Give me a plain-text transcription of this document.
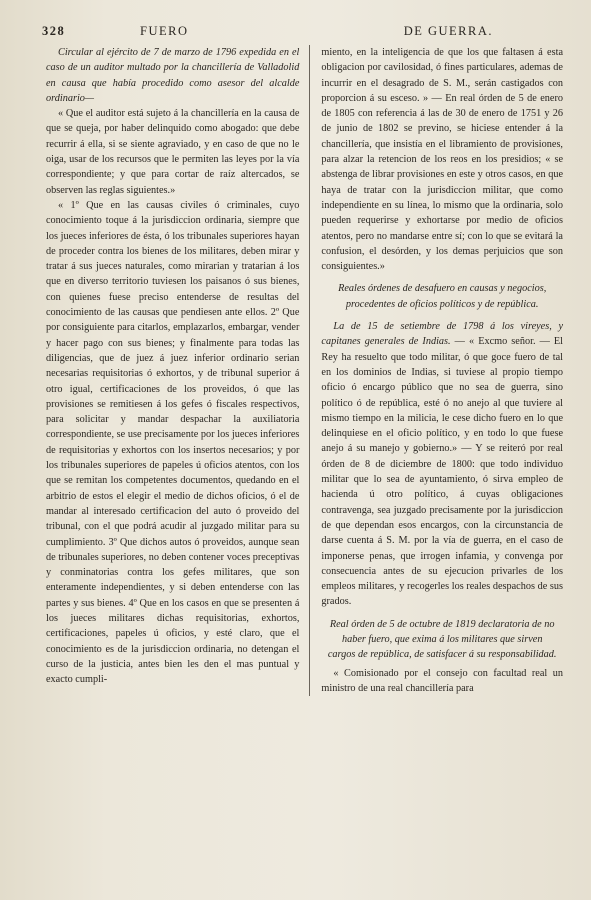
328	FUERO	DE GUERRA.

Circular al ejército de 7 de marzo de 1796 expedida en el caso de un auditor multado por la chancillería de Valladolid en causa que había procedido como asesor del alcalde ordinario—

« Que el auditor está sujeto á la chancillería en la causa de que se queja, por haber delinquido como abogado: que debe recurrir á ella, si se siente agraviado, y en caso de que no le oiga, usar de los recursos que le permiten las leyes por la vía correspondiente; y que para cortar de raíz altercados, se observen las reglas siguientes.»

« 1º Que en las causas civiles ó criminales, cuyo conocimiento toque á la jurisdiccion ordinaria, siempre que los jueces inferiores de ésta, ó los tribunales superiores hayan de proceder contra los bienes de los militares, deben mirar y tratar á sus jueces naturales, como mirarian y tratarian á los que en diverso territorio tuviesen los paisanos ó sus bienes, con quienes fuese preciso entenderse de resultas del conocimiento de las causas que pendiesen ante ellos. 2º Que por consiguiente para citarlos, emplazarlos, embargar, vender y hacer pago con sus bienes; y finalmente para todas las diligencias, que de juez á juez inferior ordinario serian necesarias requisitorias ó exhortos, y de tribunal superior á otro igual, certificaciones de los proveidos, ó que las provisiones se remitiesen á los gefes ó fiscales respectivos, para solicitar y mandar despachar la auxiliatoria correspondiente, se use precisamente por los jueces inferiores de requisitorias y exhortos con los insertos necesarios; y por los tribunales superiores de papeles ú oficios atentos, con los que se remitan los competentes documentos, quedando en el arbitrio de estos el elegir el medio de dichos oficios, ó el de mandar al interesado certificacion del auto ó proveido del tribunal, con el que podrá acudir al juzgado militar para su cumplimiento. 3º Que dichos autos ó proveidos, aunque sean de tribunales superiores, no deben contener voces preceptivas y conminatorias contra los gefes militares, que son enteramente independientes, y si deben entenderse con las partes y sus bienes. 4º Que en los casos en que se presenten á los jueces militares dichas requisitorias, exhortos, certificaciones, papeles ú oficios, y esté claro, que el conocimiento es de la jurisdiccion ordinaria, no detengan el curso de la justicia, antes bien les den el mas puntual y exacto cumpli-

miento, en la inteligencia de que los que faltasen á esta obligacion por cavilosidad, ó fines particulares, ademas de incurrir en el desagrado de S. M., serán castigados con proporcion á su esceso. » — En real órden de 5 de enero de 1805 con referencia á las de 30 de enero de 1751 y 26 de junio de 1802 se previno, se hiciese entender á la chancillería, que insistía en el libramiento de provisiones, para alzar la retencion de los reos en los presidios; « se abstenga de librar provisiones en este y otros casos, en que haya de tratar con la jurisdiccion militar, que como independiente en su línea, lo mismo que la ordinaria, solo pueden requerirse y exhortarse por medio de oficios atentos, pero no mandarse entre sí; con lo que se evitará la confusion, el desórden, y los demas perjuicios que son consiguientes.»

Reales órdenes de desafuero en causas y negocios, procedentes de oficios políticos y de república.

La de 15 de setiembre de 1798 á los vireyes, y capitanes generales de Indias. — « Excmo señor. — El Rey ha resuelto que todo militar, ó que goce fuero de tal en los dominios de Indias, si tuviese al propio tiempo oficio ó encargo público que no sea de guerra, sino político ó de república, esté ó no anejo al que tuviere al mismo tiempo en la milicia, le cese dicho fuero en lo que delinquiese en el oficio político, y en todo lo que fuese anejo á su manejo y gobierno.» — Y se reiteró por real órden de 8 de diciembre de 1800: que todo individuo militar que lo sea de ayuntamiento, ó sirva empleo de hacienda ú otro político, á cuyas obligaciones contravenga, sea juzgado precisamente por la jurisdiccion de que dependan esos encargos, con la circunstancia de darse cuenta á S. M. por la vía de guerra, en el caso de imponerse penas, que irrogen infamia, y convenga por consecuencia antes de su ejecucion privarles de los empleos militares, y recogerles los reales despachos de sus grados.

Real órden de 5 de octubre de 1819 declaratoria de no haber fuero, que exima á los militares que sirven cargos de república, de satisfacer á su responsabilidad.

« Comisionado por el consejo con facultad real un ministro de una real chancillería para
